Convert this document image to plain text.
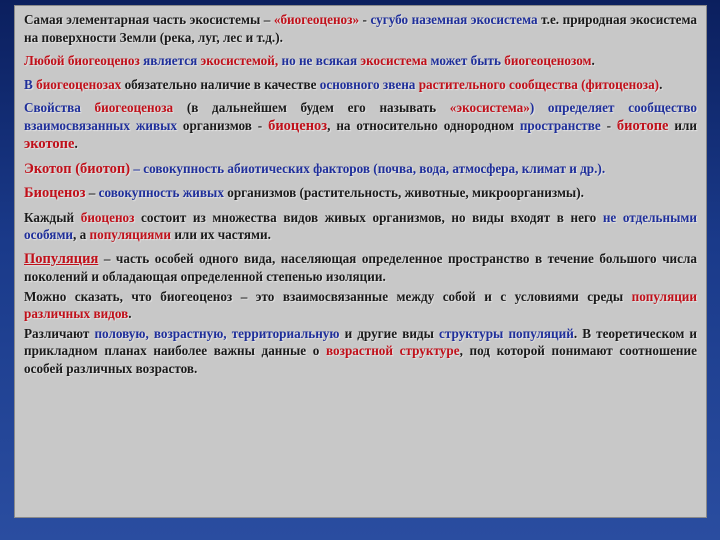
Самая элементарная часть экосистемы – «биогеоценоз» - сугубо наземная экосистема т.е. природная экосистема на поверхности Земли (река, луг, лес и т.д.).

Любой биогеоценоз является экосистемой, но не всякая экосистема может быть биогеоценозом.

В биогеоценозах обязательно наличие в качестве основного звена растительного сообщества (фитоценоза).

Свойства биогеоценоза (в дальнейшем будем его называть «экосистема») определяет сообщество взаимосвязанных живых организмов - биоценоз, на относительно однородном пространстве - биотопе или экотопе.

Экотоп (биотоп) – совокупность абиотических факторов (почва, вода, атмосфера, климат и др.).

Биоценоз – совокупность живых организмов (растительность, животные, микроорганизмы).

Каждый биоценоз состоит из множества видов живых организмов, но виды входят в него не отдельными особями, а популяциями или их частями.

Популяция – часть особей одного вида, населяющая определенное пространство в течение большого числа поколений и обладающая определенной степенью изоляции.

Можно сказать, что биогеоценоз – это взаимосвязанные между собой и с условиями среды популяции различных видов.

Различают половую, возрастную, территориальную и другие виды структуры популяций. В теоретическом и прикладном планах наиболее важны данные о возрастной структуре, под которой понимают соотношение особей различных возрастов.
